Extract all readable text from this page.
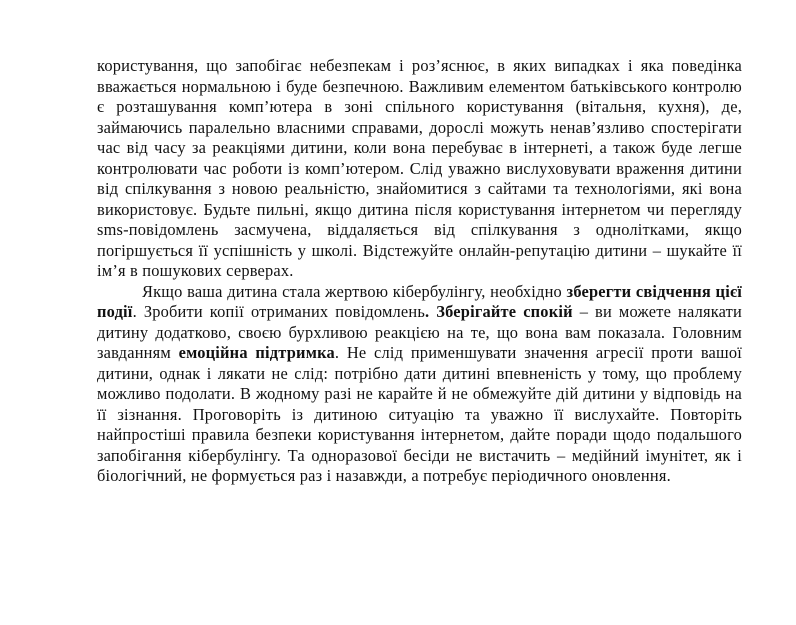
користування, що запобігає небезпекам і роз’яснює, в яких випадках і яка поведінка вважається нормальною і буде безпечною. Важливим елементом батьківського контролю є розташування комп’ютера в зоні спільного користування (вітальня, кухня), де, займаючись паралельно власними справами, дорослі можуть ненав’язливо спостерігати час від часу за реакціями дитини, коли вона перебуває в інтернеті, а також буде легше контролювати час роботи із комп’ютером. Слід уважно вислуховувати враження дитини від спілкування з новою реальністю, знайомитися з сайтами та технологіями, які вона використовує. Будьте пильні, якщо дитина після користування інтернетом чи перегляду sms-повідомлень засмучена, віддаляється від спілкування з однолітками, якщо погіршується її успішність у школі. Відстежуйте онлайн-репутацію дитини – шукайте її ім’я в пошукових серверах.

Якщо ваша дитина стала жертвою кібербулінгу, необхідно зберегти свідчення цієї події. Зробити копії отриманих повідомлень. Зберігайте спокій – ви можете налякати дитину додатково, своєю бурхливою реакцією на те, що вона вам показала. Головним завданням емоційна підтримка. Не слід применшувати значення агресії проти вашої дитини, однак і лякати не слід: потрібно дати дитині впевненість у тому, що проблему можливо подолати. В жодному разі не карайте й не обмежуйте дій дитини у відповідь на її зізнання. Проговоріть із дитиною ситуацію та уважно її вислухайте. Повторіть найпростіші правила безпеки користування інтернетом, дайте поради щодо подальшого запобігання кібербулінгу. Та одноразової бесіди не вистачить – медійний імунітет, як і біологічний, не формується раз і назавжди, а потребує періодичного оновлення.
